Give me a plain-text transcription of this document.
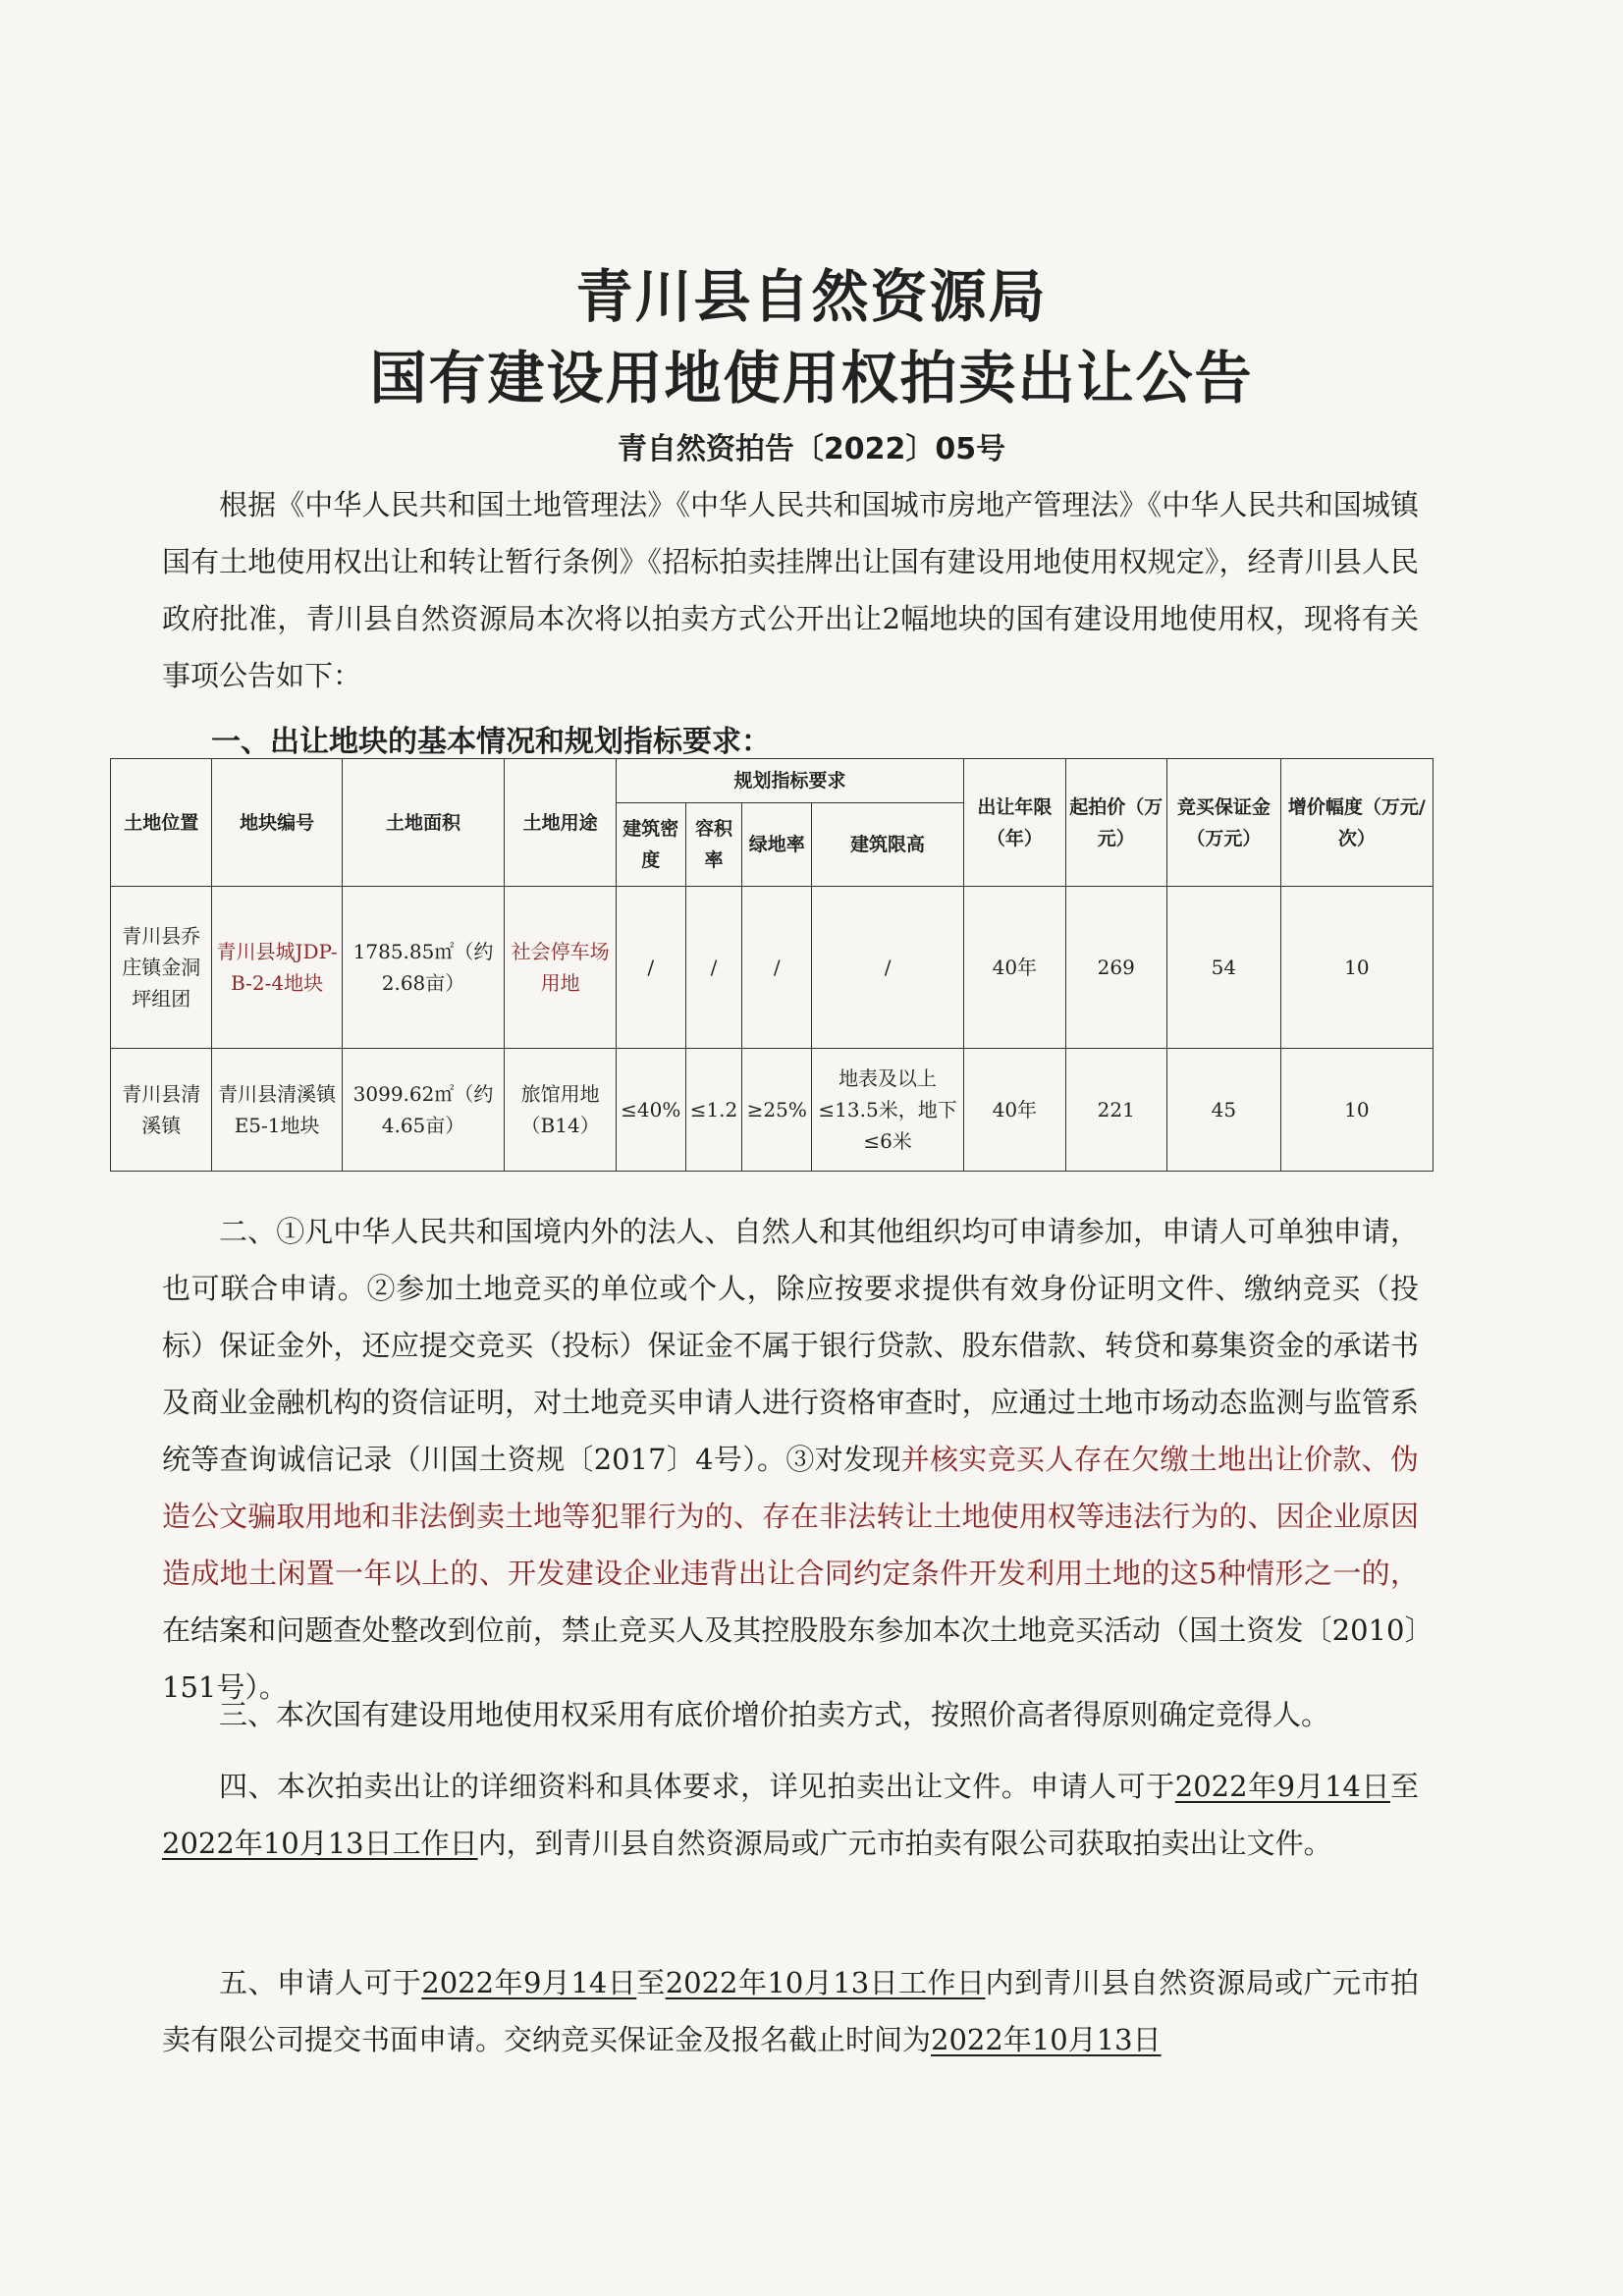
青川县自然资源局
国有建设用地使用权拍卖出让公告
青自然资拍告〔2022〕05号
根据《中华人民共和国土地管理法》《中华人民共和国城市房地产管理法》《中华人民共和国城镇国有土地使用权出让和转让暂行条例》《招标拍卖挂牌出让国有建设用地使用权规定》，经青川县人民政府批准，青川县自然资源局本次将以拍卖方式公开出让2幅地块的国有建设用地使用权，现将有关事项公告如下：
一、出让地块的基本情况和规划指标要求：
土地位置	地块编号	土地面积	土地用途	规划指标要求				出让年限（年）	起拍价（万元）	竞买保证金（万元）	增价幅度（万元/次）
				建筑密度	容积率	绿地率	建筑限高				
青川县乔庄镇金洞坪组团	青川县城JDP-B-2-4地块	1785.85㎡（约2.68亩）	社会停车场用地	/	/	/	/	40年	269	54	10
青川县清溪镇	青川县清溪镇E5-1地块	3099.62㎡（约4.65亩）	旅馆用地（B14）	≤40%	≤1.2	≥25%	地表及以上≤13.5米，地下≤6米	40年	221	45	10
二、①凡中华人民共和国境内外的法人、自然人和其他组织均可申请参加，申请人可单独申请，也可联合申请。②参加土地竞买的单位或个人，除应按要求提供有效身份证明文件、缴纳竞买（投标）保证金外，还应提交竞买（投标）保证金不属于银行贷款、股东借款、转贷和募集资金的承诺书及商业金融机构的资信证明，对土地竞买申请人进行资格审查时，应通过土地市场动态监测与监管系统等查询诚信记录（川国土资规〔2017〕4号）。③对发现并核实竞买人存在欠缴土地出让价款、伪造公文骗取用地和非法倒卖土地等犯罪行为的、存在非法转让土地使用权等违法行为的、因企业原因造成地土闲置一年以上的、开发建设企业违背出让合同约定条件开发利用土地的这5种情形之一的，在结案和问题查处整改到位前，禁止竞买人及其控股股东参加本次土地竞买活动（国土资发〔2010〕151号）。
三、本次国有建设用地使用权采用有底价增价拍卖方式，按照价高者得原则确定竞得人。
四、本次拍卖出让的详细资料和具体要求，详见拍卖出让文件。申请人可于2022年9月14日至2022年10月13日工作日内，到青川县自然资源局或广元市拍卖有限公司获取拍卖出让文件。
五、申请人可于2022年9月14日至2022年10月13日工作日内到青川县自然资源局或广元市拍卖有限公司提交书面申请。交纳竞买保证金及报名截止时间为2022年10月13日
